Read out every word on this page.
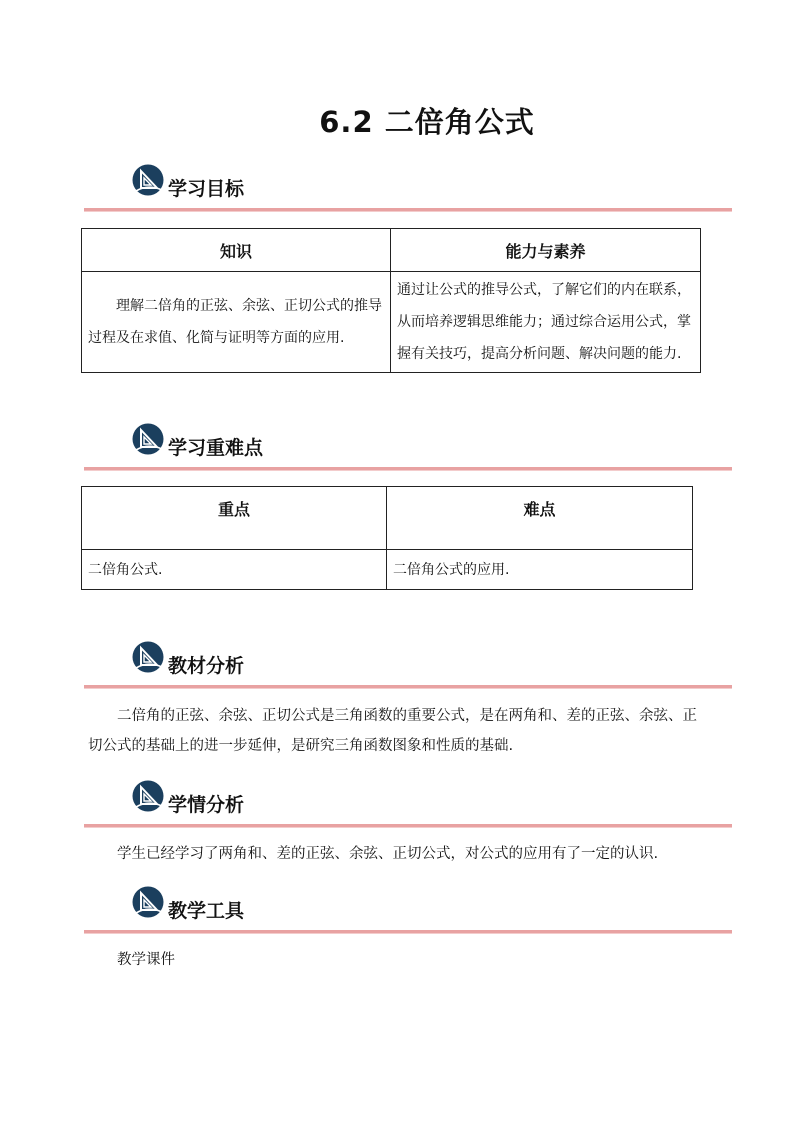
6.2 二倍角公式
学习目标
知识	能力与素养

理解二倍角的正弦、余弦、正切公式的推导过程及在求值、化简与证明等方面的应用.	通过让公式的推导公式，了解它们的内在联系，从而培养逻辑思维能力；通过综合运用公式，掌握有关技巧，提高分析问题、解决问题的能力.
学习重难点
重点	难点

二倍角公式.	二倍角公式的应用.
教材分析
二倍角的正弦、余弦、正切公式是三角函数的重要公式，是在两角和、差的正弦、余弦、正切公式的基础上的进一步延伸，是研究三角函数图象和性质的基础.
学情分析
学生已经学习了两角和、差的正弦、余弦、正切公式，对公式的应用有了一定的认识.
教学工具
教学课件
